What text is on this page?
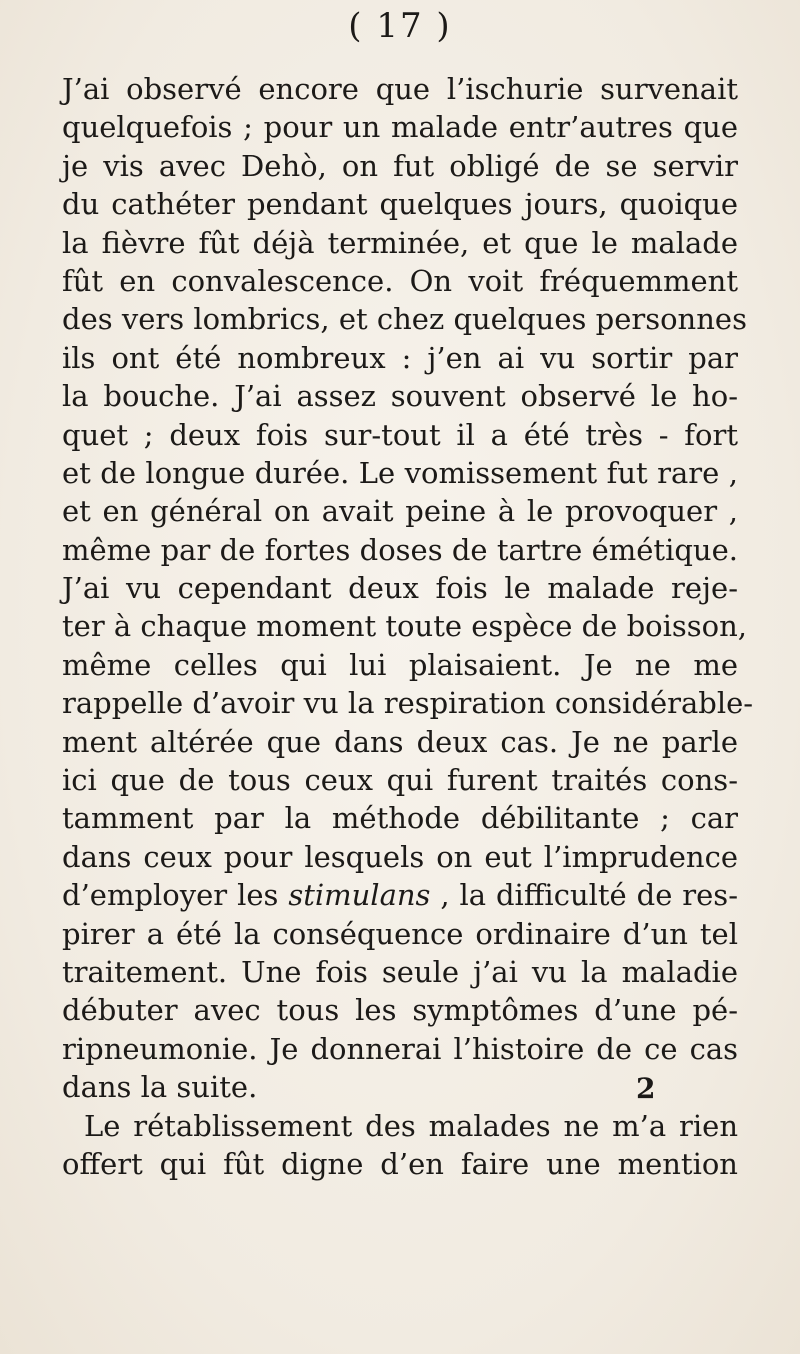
( 17 )
J’ai observé encore que l’ischurie survenait
quelquefois ; pour un malade entr’autres que
je vis avec Dehò, on fut obligé de se servir
du cathéter pendant quelques jours, quoique
la fièvre fût déjà terminée, et que le malade
fût en convalescence. On voit fréquemment
des vers lombrics, et chez quelques personnes
ils ont été nombreux : j’en ai vu sortir par
la bouche. J’ai assez souvent observé le ho-
quet ; deux fois sur-tout il a été très - fort
et de longue durée. Le vomissement fut rare ,
et en général on avait peine à le provoquer ,
même par de fortes doses de tartre émétique.
J’ai vu cependant deux fois le malade reje-
ter à chaque moment toute espèce de boisson,
même celles qui lui plaisaient. Je ne me
rappelle d’avoir vu la respiration considérable-
ment altérée que dans deux cas. Je ne parle
ici que de tous ceux qui furent traités cons-
tamment par la méthode débilitante ; car
dans ceux pour lesquels on eut l’imprudence
d’employer les stimulans , la difficulté de res-
pirer a été la conséquence ordinaire d’un tel
traitement. Une fois seule j’ai vu la maladie
débuter avec tous les symptômes d’une pé-
ripneumonie. Je donnerai l’histoire de ce cas
dans la suite.
Le rétablissement des malades ne m’a rien
offert qui fût digne d’en faire une mention
2
